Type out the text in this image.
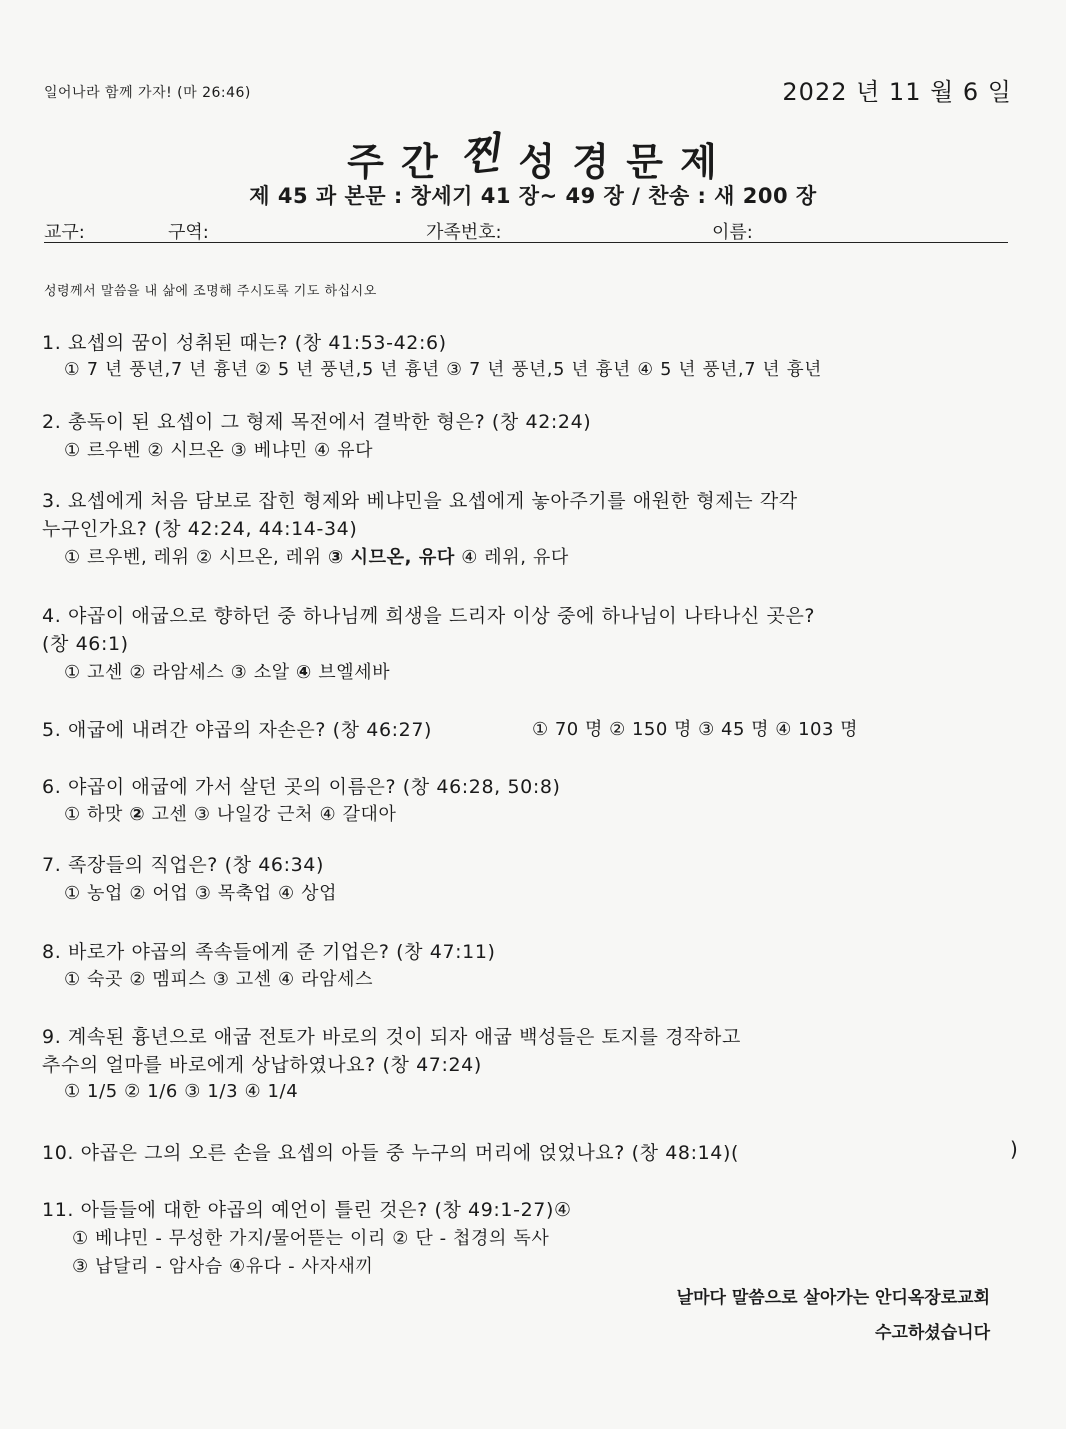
일어나라 함께 가자! (마 26:46)	2022 년 11 월 6 일
주 간 찐 성 경 문 제
제 45 과 본문 : 창세기 41 장~ 49 장 / 찬송 : 새 200 장
교구:	구역:	가족번호:	이름:
성령께서 말씀을 내 삶에 조명해 주시도록 기도 하십시오
1. 요셉의 꿈이 성취된 때는? (창 41:53-42:6)
① 7 년 풍년,7 년 흉년 ② 5 년 풍년,5 년 흉년 ③ 7 년 풍년,5 년 흉년 ④ 5 년 풍년,7 년 흉년
2. 총독이 된 요셉이 그 형제 목전에서 결박한 형은? (창 42:24)
① 르우벤 ② 시므온 ③ 베냐민 ④ 유다
3. 요셉에게 처음 담보로 잡힌 형제와 베냐민을 요셉에게 놓아주기를 애원한 형제는 각각
누구인가요? (창 42:24, 44:14-34)
① 르우벤, 레위 ② 시므온, 레위 ③ 시므온, 유다 ④ 레위, 유다
4. 야곱이 애굽으로 향하던 중 하나님께 희생을 드리자 이상 중에 하나님이 나타나신 곳은?
(창 46:1)
① 고센 ② 라암세스 ③ 소알 ④ 브엘세바
5. 애굽에 내려간 야곱의 자손은? (창 46:27)	① 70 명 ② 150 명 ③ 45 명 ④ 103 명
6. 야곱이 애굽에 가서 살던 곳의 이름은? (창 46:28, 50:8)
① 하맛 ② 고센 ③ 나일강 근처 ④ 갈대아
7. 족장들의 직업은? (창 46:34)
① 농업 ② 어업 ③ 목축업 ④ 상업
8. 바로가 야곱의 족속들에게 준 기업은? (창 47:11)
① 숙곳 ② 멤피스 ③ 고센 ④ 라암세스
9. 계속된 흉년으로 애굽 전토가 바로의 것이 되자 애굽 백성들은 토지를 경작하고
추수의 얼마를 바로에게 상납하였나요? (창 47:24)
① 1/5 ② 1/6 ③ 1/3 ④ 1/4
10. 야곱은 그의 오른 손을 요셉의 아들 중 누구의 머리에 얹었나요? (창 48:14)(	)
11. 아들들에 대한 야곱의 예언이 틀린 것은? (창 49:1-27)④
① 베냐민 - 무성한 가지/물어뜯는 이리 ② 단 - 첩경의 독사
③ 납달리 - 암사슴 ④유다 - 사자새끼
날마다 말씀으로 살아가는 안디옥장로교회
수고하셨습니다
